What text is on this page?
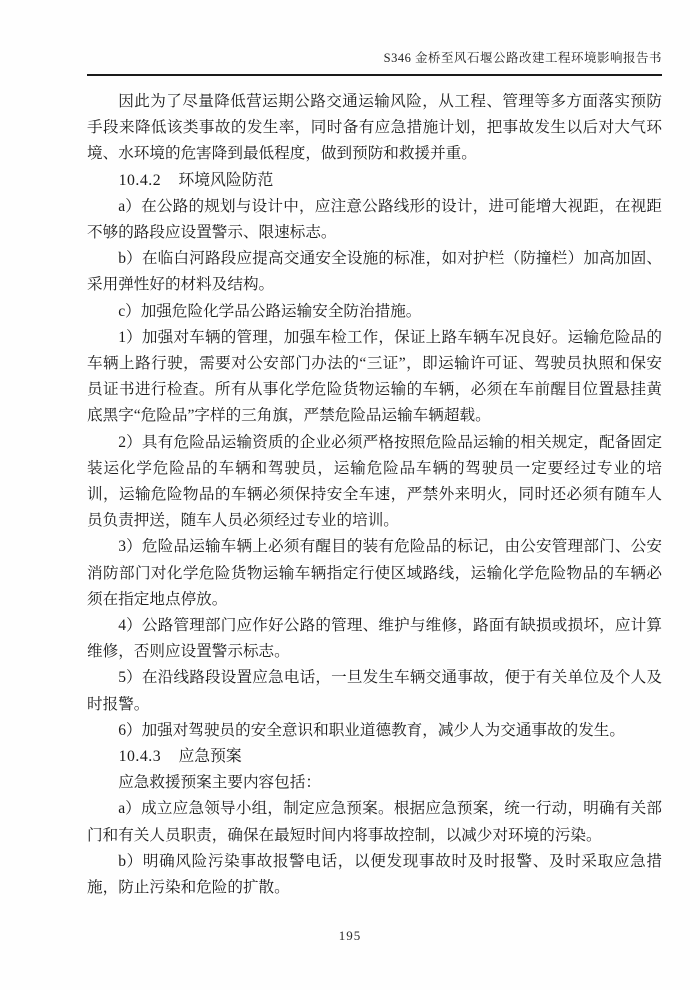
S346 金桥至风石堰公路改建工程环境影响报告书

因此为了尽量降低营运期公路交通运输风险，从工程、管理等多方面落实预防手段来降低该类事故的发生率，同时备有应急措施计划，把事故发生以后对大气环境、水环境的危害降到最低程度，做到预防和救援并重。

10.4.2 环境风险防范

a）在公路的规划与设计中，应注意公路线形的设计，进可能增大视距，在视距不够的路段应设置警示、限速标志。

b）在临白河路段应提高交通安全设施的标准，如对护栏（防撞栏）加高加固、采用弹性好的材料及结构。

c）加强危险化学品公路运输安全防治措施。

1）加强对车辆的管理，加强车检工作，保证上路车辆车况良好。运输危险品的车辆上路行驶，需要对公安部门办法的“三证”，即运输许可证、驾驶员执照和保安员证书进行检查。所有从事化学危险货物运输的车辆，必须在车前醒目位置悬挂黄底黑字“危险品”字样的三角旗，严禁危险品运输车辆超载。

2）具有危险品运输资质的企业必须严格按照危险品运输的相关规定，配备固定装运化学危险品的车辆和驾驶员，运输危险品车辆的驾驶员一定要经过专业的培训，运输危险物品的车辆必须保持安全车速，严禁外来明火，同时还必须有随车人员负责押送，随车人员必须经过专业的培训。

3）危险品运输车辆上必须有醒目的装有危险品的标记，由公安管理部门、公安消防部门对化学危险货物运输车辆指定行使区域路线，运输化学危险物品的车辆必须在指定地点停放。

4）公路管理部门应作好公路的管理、维护与维修，路面有缺损或损坏，应计算维修，否则应设置警示标志。

5）在沿线路段设置应急电话，一旦发生车辆交通事故，便于有关单位及个人及时报警。

6）加强对驾驶员的安全意识和职业道德教育，减少人为交通事故的发生。

10.4.3 应急预案

应急救援预案主要内容包括：

a）成立应急领导小组，制定应急预案。根据应急预案，统一行动，明确有关部门和有关人员职责，确保在最短时间内将事故控制，以减少对环境的污染。

b）明确风险污染事故报警电话，以便发现事故时及时报警、及时采取应急措施，防止污染和危险的扩散。

195
